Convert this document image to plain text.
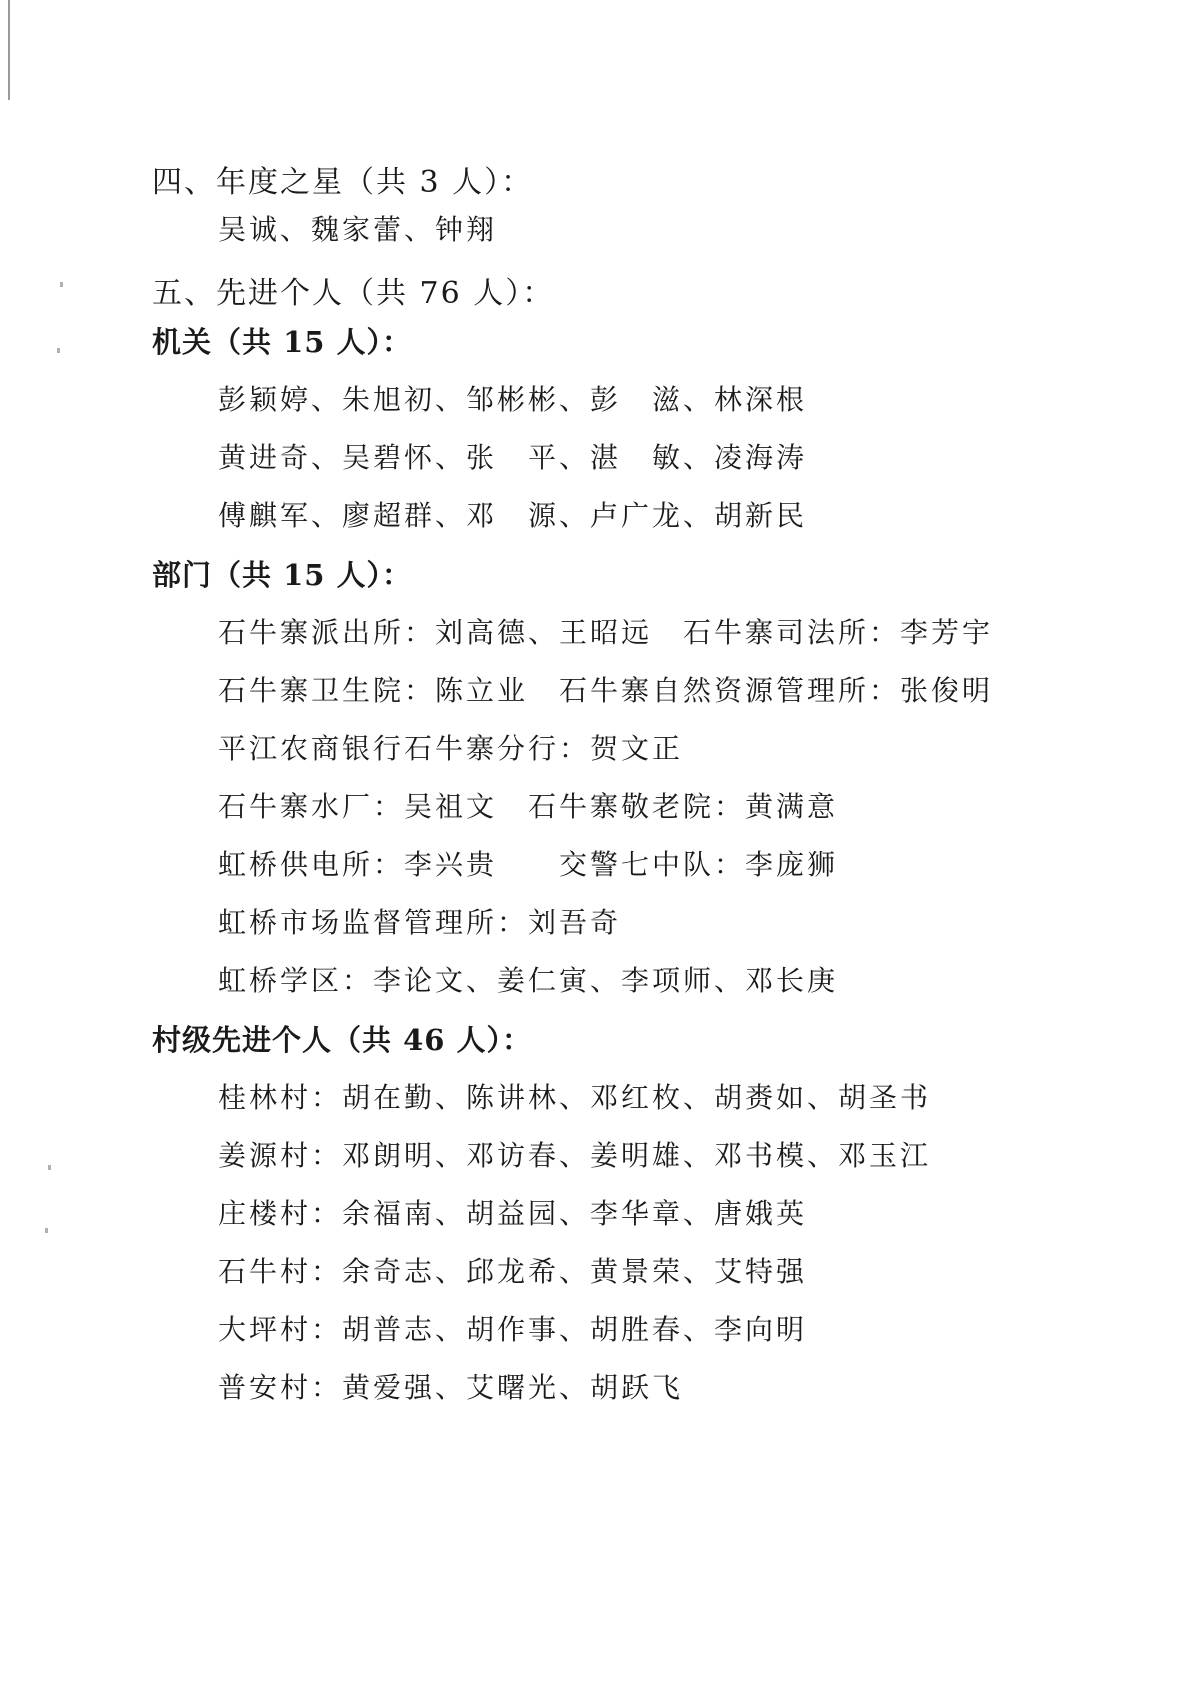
四、年度之星（共 3 人）：
吴诚、魏家蕾、钟翔
五、先进个人（共 76 人）：
机关（共 15 人）：
彭颖婷、朱旭初、邹彬彬、彭　滋、林深根
黄进奇、吴碧怀、张　平、湛　敏、凌海涛
傅麒军、廖超群、邓　源、卢广龙、胡新民
部门（共 15 人）：
石牛寨派出所：刘高德、王昭远　石牛寨司法所：李芳宇
石牛寨卫生院：陈立业　石牛寨自然资源管理所：张俊明
平江农商银行石牛寨分行：贺文正
石牛寨水厂：吴祖文　石牛寨敬老院：黄满意
虹桥供电所：李兴贵　　交警七中队：李庞狮
虹桥市场监督管理所：刘吾奇
虹桥学区：李论文、姜仁寅、李项师、邓长庚
村级先进个人（共 46 人）：
桂林村：胡在勤、陈讲林、邓红枚、胡赉如、胡圣书
姜源村：邓朗明、邓访春、姜明雄、邓书模、邓玉江
庄楼村：余福南、胡益园、李华章、唐娥英
石牛村：余奇志、邱龙希、黄景荣、艾特强
大坪村：胡普志、胡作事、胡胜春、李向明
普安村：黄爱强、艾曙光、胡跃飞
